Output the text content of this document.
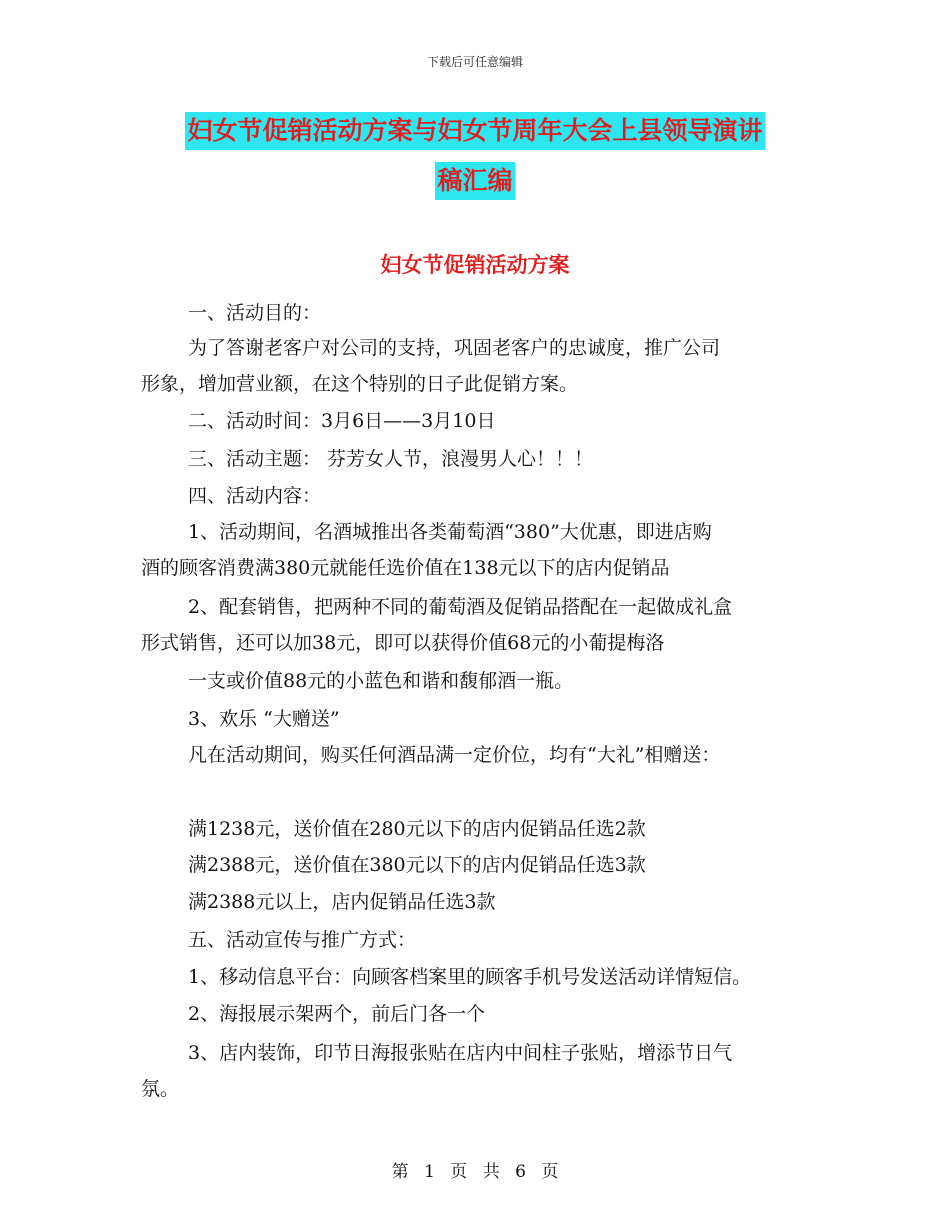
下载后可任意编辑
妇女节促销活动方案与妇女节周年大会上县领导演讲
稿汇编
妇女节促销活动方案
一、活动目的：
为了答谢老客户对公司的支持，巩固老客户的忠诚度，推广公司
形象，增加营业额，在这个特别的日子此促销方案。
二、活动时间：3月6日——3月10日
三、活动主题： 芬芳女人节，浪漫男人心！！！
四、活动内容：
1、活动期间，名酒城推出各类葡萄酒“380”大优惠，即进店购
酒的顾客消费满380元就能任选价值在138元以下的店内促销品
2、配套销售，把两种不同的葡萄酒及促销品搭配在一起做成礼盒
形式销售，还可以加38元，即可以获得价值68元的小葡提梅洛
一支或价值88元的小蓝色和谐和馥郁酒一瓶。
3、欢乐 “大赠送”
凡在活动期间，购买任何酒品满一定价位，均有“大礼”相赠送：
满1238元，送价值在280元以下的店内促销品任选2款
满2388元，送价值在380元以下的店内促销品任选3款
满2388元以上，店内促销品任选3款
五、活动宣传与推广方式：
1、移动信息平台：向顾客档案里的顾客手机号发送活动详情短信。
2、海报展示架两个，前后门各一个
3、店内装饰，印节日海报张贴在店内中间柱子张贴，增添节日气
氛。
第 1 页 共 6 页
